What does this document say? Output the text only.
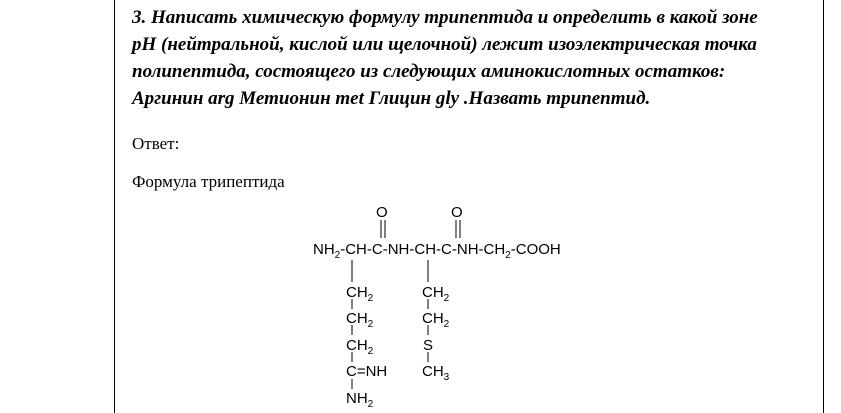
3. Написать химическую формулу трипептида и определить в какой зоне
рН (нейтральной, кислой или щелочной) лежит изоэлектрическая точка
полипептида, состоящего из следующих аминокислотных остатков:
Аргинин arg Метионин met Глицин gly .Назвать трипептид.
Ответ:
Формула трипептида
O	O
$NH_2-CH-C-NH-CH-C-NH-CH_2$-COOH
$CH_2$
$CH_2$
$CH_2$
C=NH
$NH_2$
$CH_2$
$CH_2$
S
$CH_3$
